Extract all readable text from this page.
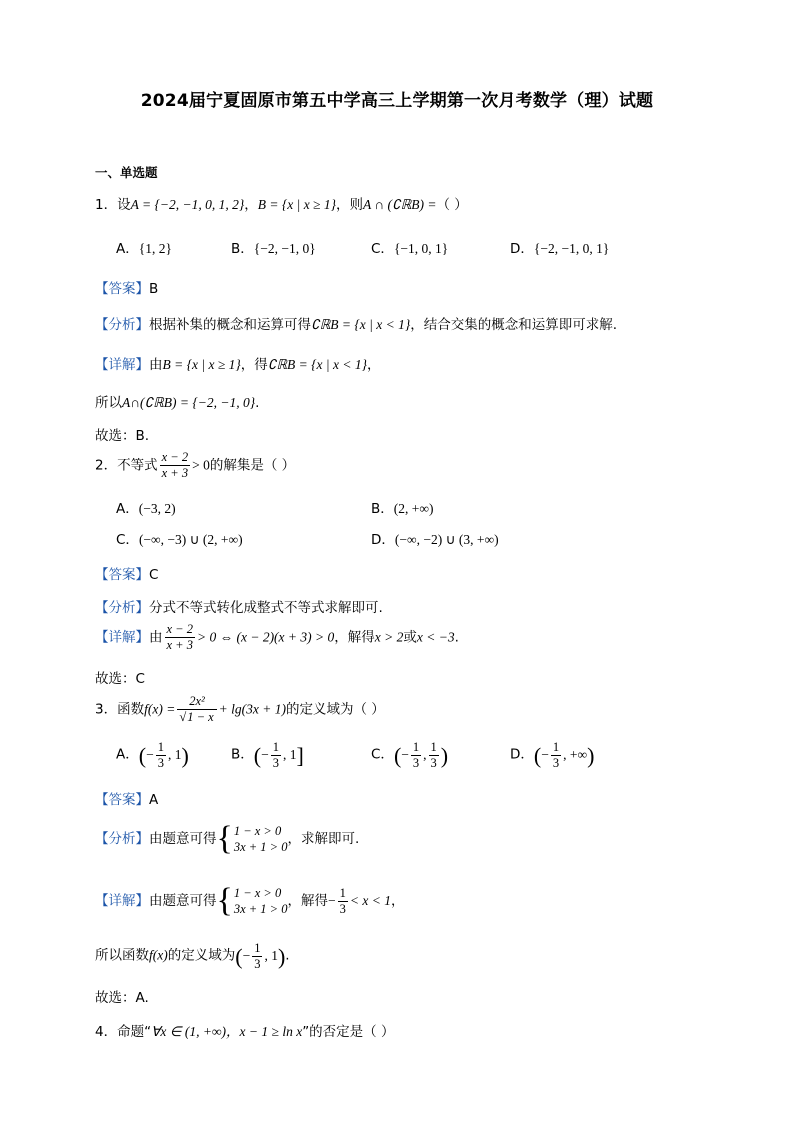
2024届宁夏固原市第五中学高三上学期第一次月考数学（理）试题
一、单选题
1．设A = {−2, −1, 0, 1, 2}，B = {x | x ≥ 1}，则A ∩ (∁ℝB) =（ ）
A．{1, 2}	B．{−2, −1, 0}	C．{−1, 0, 1}	D．{−2, −1, 0, 1}
【答案】B
【分析】根据补集的概念和运算可得∁ℝB = {x | x < 1}，结合交集的概念和运算即可求解.
【详解】由B = {x | x ≥ 1}，得∁ℝB = {x | x < 1}，
所以A∩(∁ℝB) = {−2, −1, 0}.
故选：B.
2．不等式 $\frac{x - 2}{x + 3} > 0$的解集是（ ）
A．(−3, 2)	B．(2, +∞)
C．(−∞, −3) ∪ (2, +∞)	D．(−∞, −2) ∪ (3, +∞)
【答案】C
【分析】分式不等式转化成整式不等式求解即可.
【详解】由 $\frac{x - 2}{x + 3} > 0$ ⇔ (x − 2)(x + 3) > 0，解得x > 2或x < −3.
故选：C
3．函数$f(x) = \frac{\text{2x²}}{√1 - x} + \lg(3x + 1)$的定义域为（ ）
A．(− $\frac{1}{3}$ , 1)	B．(− $\frac{1}{3}$ , 1]	C．(− $\frac{1}{3}$ , $\frac{1}{3}$ )	D．(− $\frac{1}{3}$ , +∞)
【答案】A
【分析】由题意可得 { 1 − x > 0
3x + 1 > 0 ，求解即可.
【详解】由题意可得 { 1 − x > 0
3x + 1 > 0 ，解得− $\frac{1}{3} < x < 1$，
所以函数f(x)的定义域为(− $\frac{1}{3}$ , 1).
故选：A.
4．命题“∀x ∈ (1, +∞)，x − 1 ≥ ln x”的否定是（ ）
